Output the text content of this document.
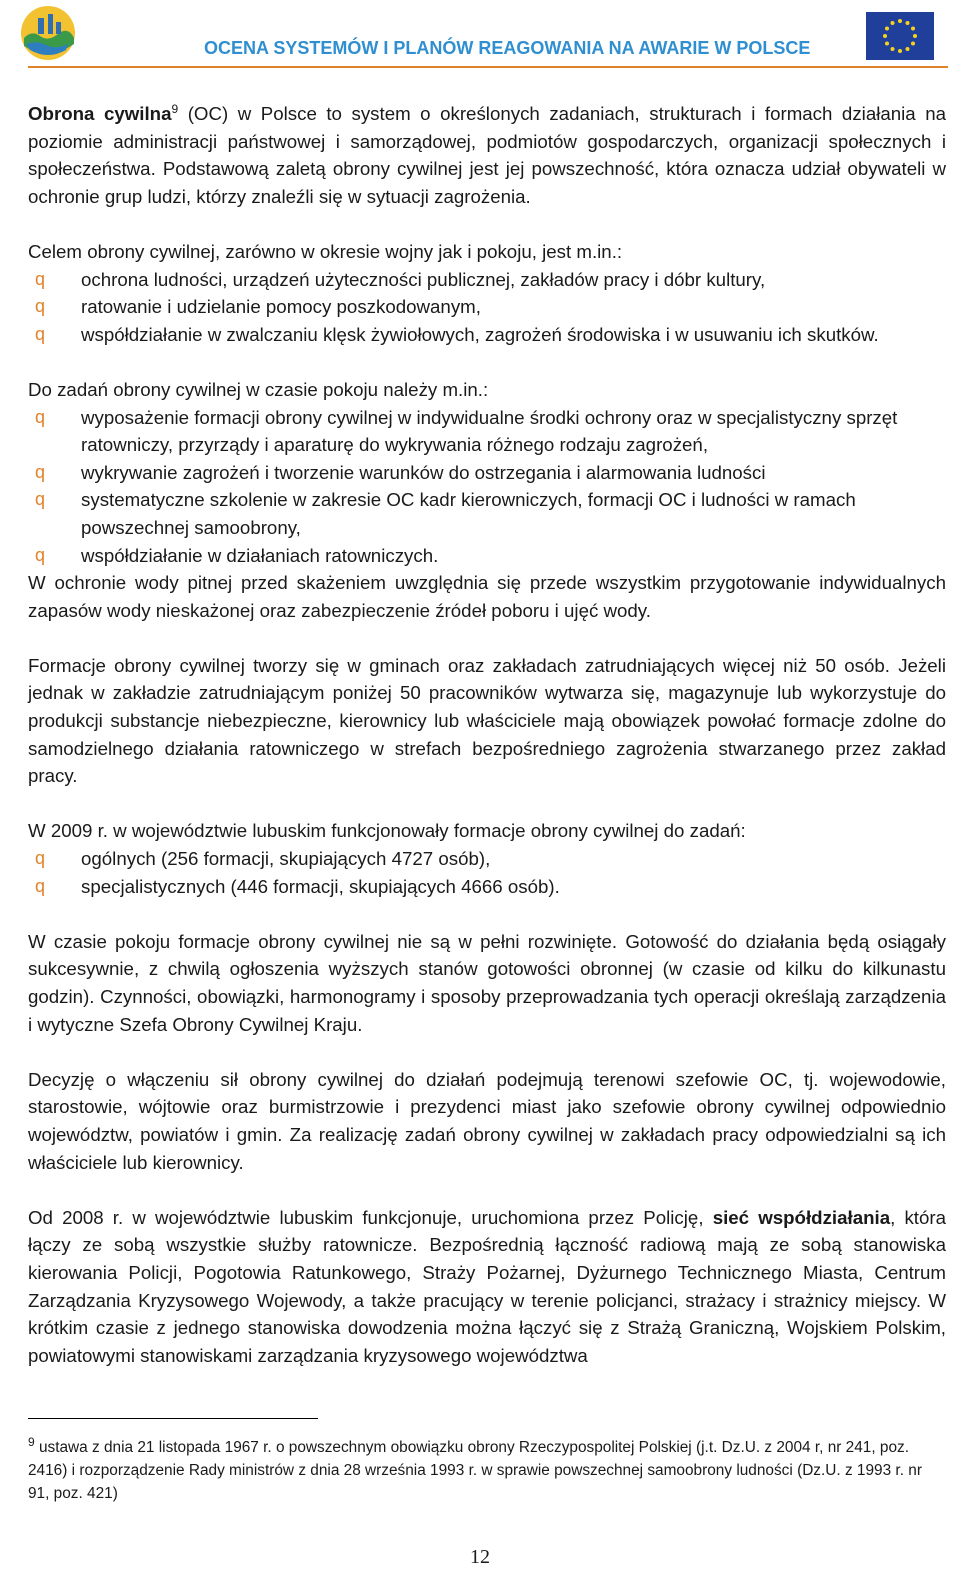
OCENA SYSTEMÓW I PLANÓW REAGOWANIA NA AWARIE W POLSCE

Obrona cywilna$^9$ (OC) w Polsce to system o określonych zadaniach, strukturach i formach działania na poziomie administracji państwowej i samorządowej, podmiotów gospodarczych, organizacji społecznych i społeczeństwa. Podstawową zaletą obrony cywilnej jest jej powszechność, która oznacza udział obywateli w ochronie grup ludzi, którzy znaleźli się w sytuacji zagrożenia.

Celem obrony cywilnej, zarówno w okresie wojny jak i pokoju, jest m.in.:

q ochrona ludności, urządzeń użyteczności publicznej, zakładów pracy i dóbr kultury,
q ratowanie i udzielanie pomocy poszkodowanym,
q współdziałanie w zwalczaniu klęsk żywiołowych, zagrożeń środowiska i w usuwaniu ich skutków.

Do zadań obrony cywilnej w czasie pokoju należy m.in.:

q wyposażenie formacji obrony cywilnej w indywidualne środki ochrony oraz w specjalistyczny sprzęt ratowniczy, przyrządy i aparaturę do wykrywania różnego rodzaju zagrożeń,
q wykrywanie zagrożeń i tworzenie warunków do ostrzegania i alarmowania ludności
q systematyczne szkolenie w zakresie OC kadr kierowniczych, formacji OC i ludności w ramach powszechnej samoobrony,
q współdziałanie w działaniach ratowniczych.

W ochronie wody pitnej przed skażeniem uwzględnia się przede wszystkim przygotowanie indywidualnych zapasów wody nieskażonej oraz zabezpieczenie źródeł poboru i ujęć wody.

Formacje obrony cywilnej tworzy się w gminach oraz zakładach zatrudniających więcej niż 50 osób. Jeżeli jednak w zakładzie zatrudniającym poniżej 50 pracowników wytwarza się, magazynuje lub wykorzystuje do produkcji substancje niebezpieczne, kierownicy lub właściciele mają obowiązek powołać formacje zdolne do samodzielnego działania ratowniczego w strefach bezpośredniego zagrożenia stwarzanego przez zakład pracy.

W 2009 r. w województwie lubuskim funkcjonowały formacje obrony cywilnej do zadań:

q ogólnych (256 formacji, skupiających 4727 osób),
q specjalistycznych (446 formacji, skupiających 4666 osób).

W czasie pokoju formacje obrony cywilnej nie są w pełni rozwinięte. Gotowość do działania będą osiągały sukcesywnie, z chwilą ogłoszenia wyższych stanów gotowości obronnej (w czasie od kilku do kilkunastu godzin). Czynności, obowiązki, harmonogramy i sposoby przeprowadzania tych operacji określają zarządzenia i wytyczne Szefa Obrony Cywilnej Kraju.

Decyzję o włączeniu sił obrony cywilnej do działań podejmują terenowi szefowie OC, tj. wojewodowie, starostowie, wójtowie oraz burmistrzowie i prezydenci miast jako szefowie obrony cywilnej odpowiednio województw, powiatów i gmin. Za realizację zadań obrony cywilnej w zakładach pracy odpowiedzialni są ich właściciele lub kierownicy.

Od 2008 r. w województwie lubuskim funkcjonuje, uruchomiona przez Policję, sieć współdziałania, która łączy ze sobą wszystkie służby ratownicze. Bezpośrednią łączność radiową mają ze sobą stanowiska kierowania Policji, Pogotowia Ratunkowego, Straży Pożarnej, Dyżurnego Technicznego Miasta, Centrum Zarządzania Kryzysowego Wojewody, a także pracujący w terenie policjanci, strażacy i strażnicy miejscy. W krótkim czasie z jednego stanowiska dowodzenia można łączyć się z Strażą Graniczną, Wojskiem Polskim, powiatowymi stanowiskami zarządzania kryzysowego województwa

$^9$ ustawa z dnia 21 listopada 1967 r. o powszechnym obowiązku obrony Rzeczypospolitej Polskiej (j.t. Dz.U. z 2004 r, nr 241, poz. 2416) i rozporządzenie Rady ministrów z dnia 28 września 1993 r. w sprawie powszechnej samoobrony ludności (Dz.U. z 1993 r. nr 91, poz. 421)
12
